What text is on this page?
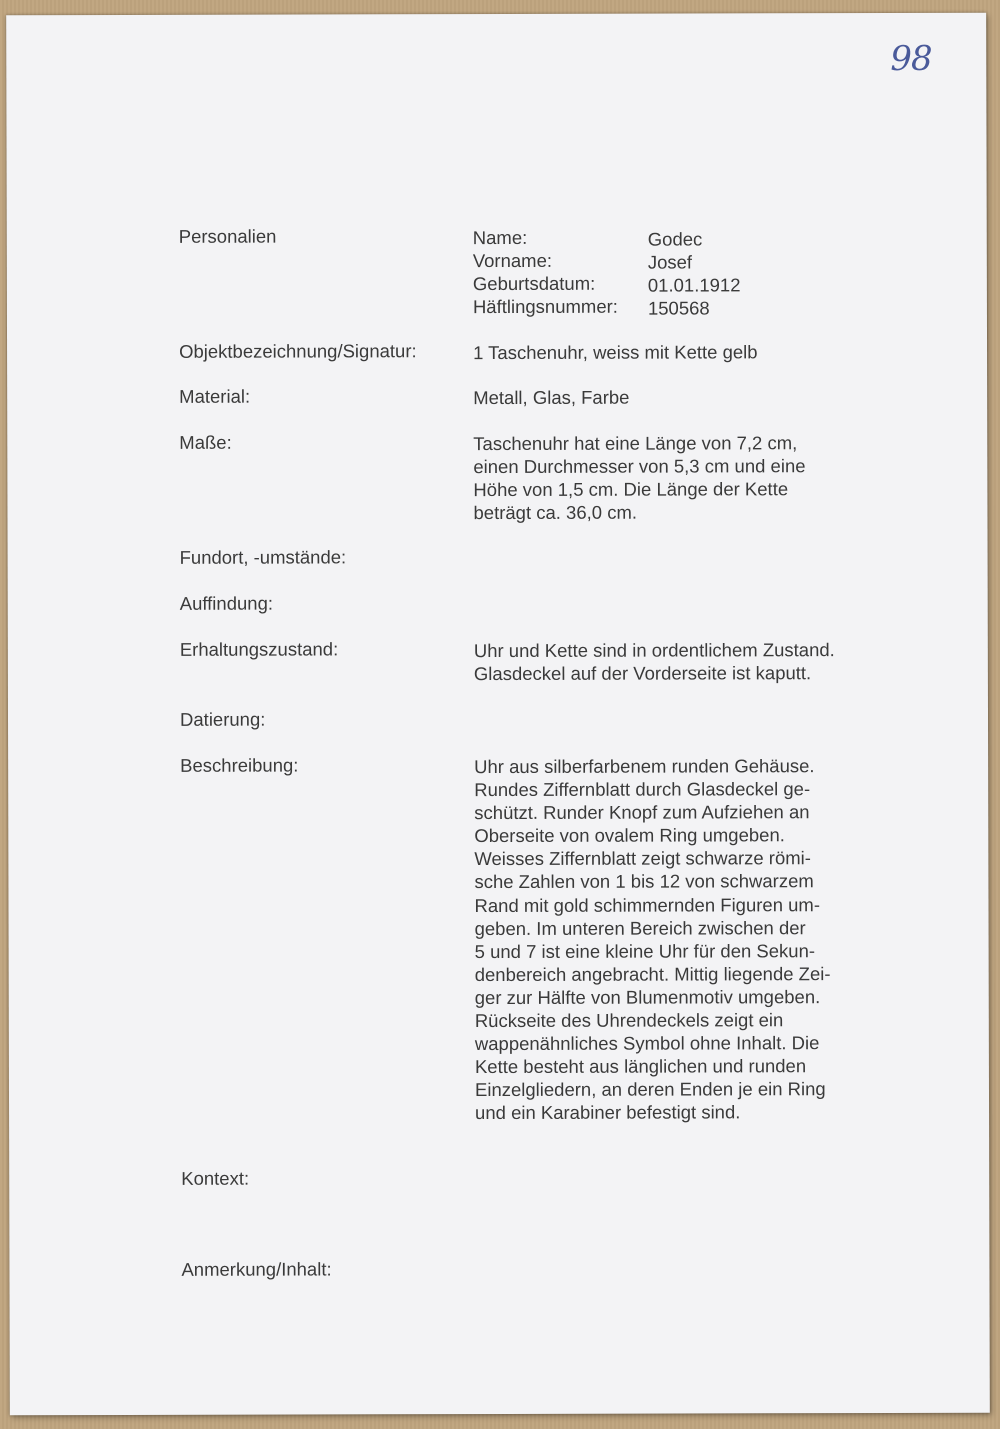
98
Personalien	Name:	Godec
Vorname:	Josef
Geburtsdatum:	01.01.1912
Häftlingsnummer: 150568
Objektbezeichnung/Signatur:	1 Taschenuhr, weiss mit Kette gelb
Material:	Metall, Glas, Farbe
Maße:	Taschenuhr hat eine Länge von 7,2 cm,
einen Durchmesser von 5,3 cm und eine
Höhe von 1,5 cm. Die Länge der Kette
beträgt ca. 36,0 cm.
Fundort, -umstände:
Auffindung:
Erhaltungszustand:	Uhr und Kette sind in ordentlichem Zustand.
Glasdeckel auf der Vorderseite ist kaputt.
Datierung:
Beschreibung:	Uhr aus silberfarbenem runden Gehäuse.
Rundes Ziffernblatt durch Glasdeckel ge-
schützt. Runder Knopf zum Aufziehen an
Oberseite von ovalem Ring umgeben.
Weisses Ziffernblatt zeigt schwarze römi-
sche Zahlen von 1 bis 12 von schwarzem
Rand mit gold schimmernden Figuren um-
geben. Im unteren Bereich zwischen der
5 und 7 ist eine kleine Uhr für den Sekun-
denbereich angebracht. Mittig liegende Zei-
ger zur Hälfte von Blumenmotiv umgeben.
Rückseite des Uhrendeckels zeigt ein
wappenähnliches Symbol ohne Inhalt. Die
Kette besteht aus länglichen und runden
Einzelgliedern, an deren Enden je ein Ring
und ein Karabiner befestigt sind.
Kontext:
Anmerkung/Inhalt:
